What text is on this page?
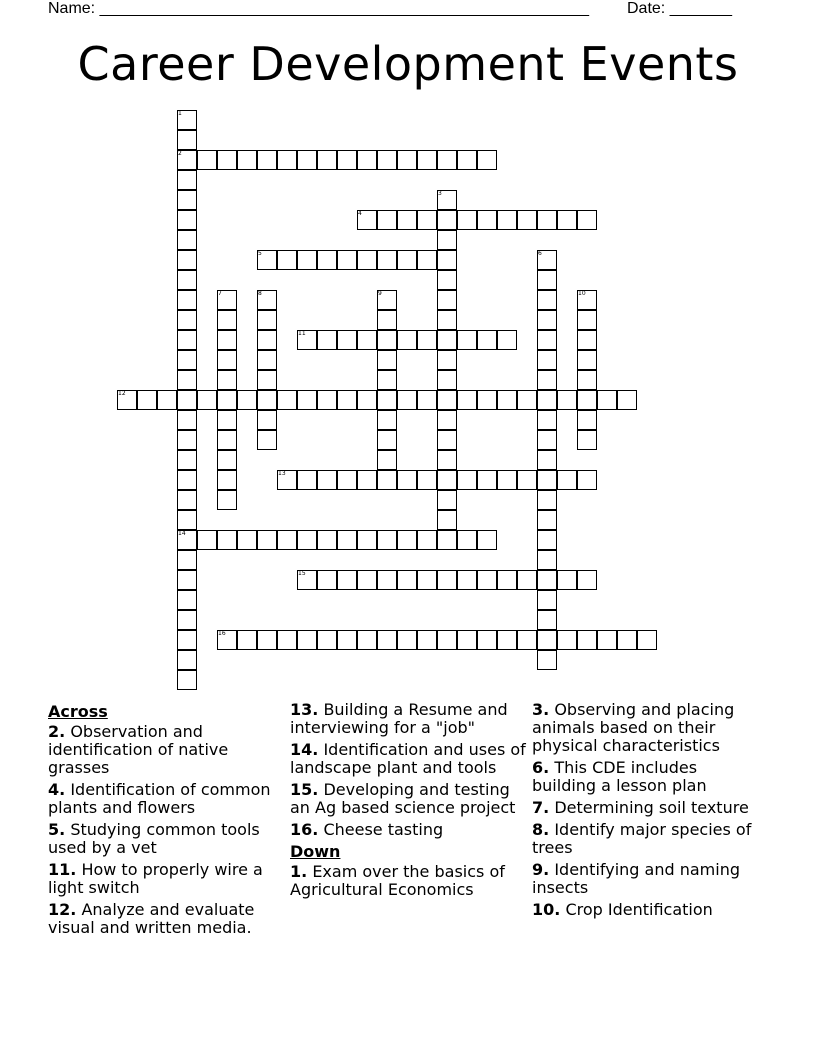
Name: _______________________________________________________ Date: _______
Career Development Events
1
2
3
4
5	6
7	8	9	10
11
12
13
14
15
16
Across
2. Observation and identification of native grasses
4. Identification of common plants and flowers
5. Studying common tools used by a vet
11. How to properly wire a light switch
12. Analyze and evaluate visual and written media.
13. Building a Resume and interviewing for a "job"
14. Identification and uses of landscape plant and tools
15. Developing and testing an Ag based science project
16. Cheese tasting
Down
1. Exam over the basics of Agricultural Economics
3. Observing and placing animals based on their physical characteristics
6. This CDE includes building a lesson plan
7. Determining soil texture
8. Identify major species of trees
9. Identifying and naming insects
10. Crop Identification
